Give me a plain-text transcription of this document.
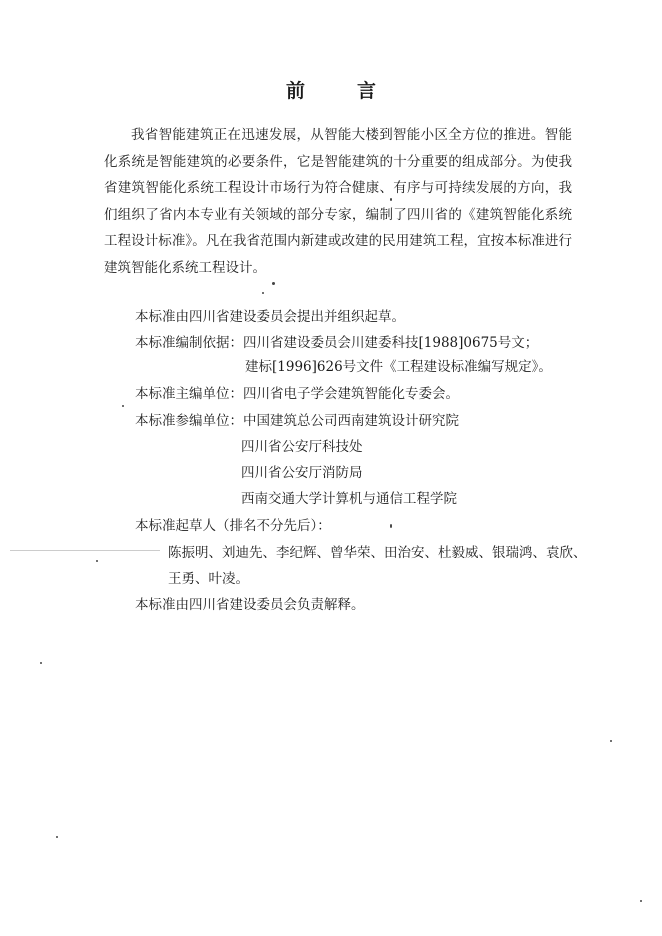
前	言
我省智能建筑正在迅速发展，从智能大楼到智能小区全方位的推进。智能化系统是智能建筑的必要条件，它是智能建筑的十分重要的组成部分。为使我省建筑智能化系统工程设计市场行为符合健康、有序与可持续发展的方向，我们组织了省内本专业有关领域的部分专家，编制了四川省的《建筑智能化系统工程设计标准》。凡在我省范围内新建或改建的民用建筑工程，宜按本标准进行建筑智能化系统工程设计。
本标准由四川省建设委员会提出并组织起草。
本标准编制依据：四川省建设委员会川建委科技[1988]0675号文；
建标[1996]626号文件《工程建设标准编写规定》。
本标准主编单位：四川省电子学会建筑智能化专委会。
本标准参编单位：中国建筑总公司西南建筑设计研究院
四川省公安厅科技处
四川省公安厅消防局
西南交通大学计算机与通信工程学院
本标准起草人（排名不分先后）：
陈振明、刘迪先、李纪辉、曾华荣、田治安、杜毅威、银瑞鸿、袁欣、
王勇、叶凌。
本标准由四川省建设委员会负责解释。
